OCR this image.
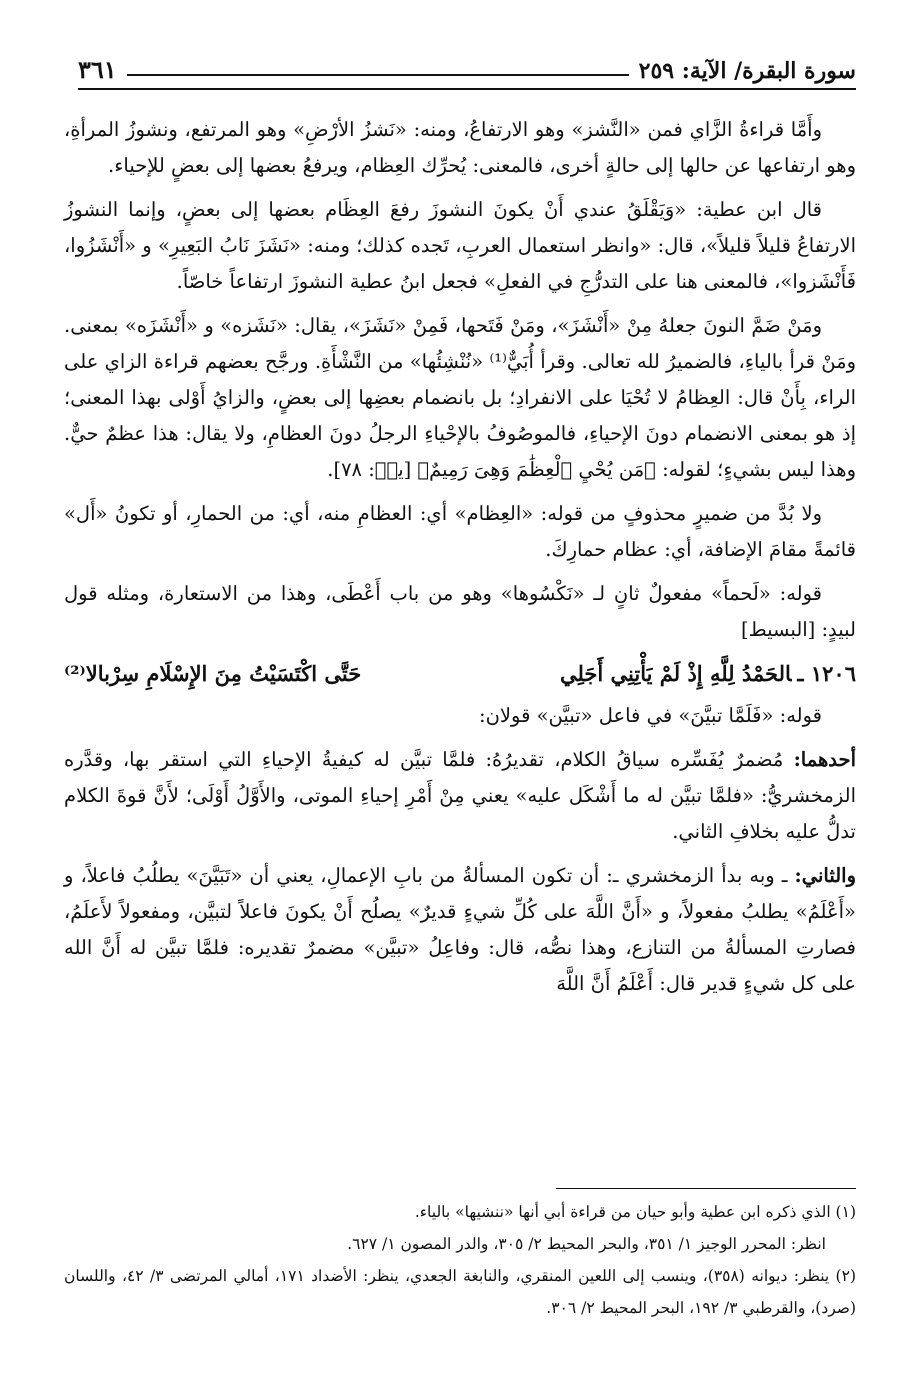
سورة البقرة/ الآية: ٢٥٩
٣٦١

وأَمَّا قراءةُ الزَّاي فمن «النَّشز» وهو الارتفاعُ، ومنه: «نَشزُ الأرْضِ» وهو المرتفع، ونشوزُ المرأةِ، وهو ارتفاعها عن حالها إلى حالةٍ أخرى، فالمعنى: يُحرِّك العِظام، ويرفعُ بعضها إلى بعضٍ للإحياء.

قال ابن عطية: «وَيَقْلَقُ عندي أَنْ يكونَ النشوزَ رفعَ العِظَام بعضها إلى بعضٍ، وإنما النشوزُ الارتفاعُ قليلاً قليلاً»، قال: «وانظر استعمال العربِ، تَجده كذلك؛ ومنه: «نَشَزَ نَابُ البَعِيرِ» و «أَنْشَزُوا، فَأَنْشَزوا»، فالمعنى هنا على التدرُّجِ في الفعلِ» فجعل ابنُ عطية النشوزَ ارتفاعاً خاصّاً.

ومَنْ ضَمَّ النونَ جعلهُ مِنْ «أَنْشَزَ»، ومَنْ فَتَحها، فَمِنْ «نَشَزَ»، يقال: «نَشَزه» و «أَنْشَزَه» بمعنى. ومَنْ قرأ بالياءِ، فالضميرُ لله تعالى. وقرأ أُبَيٌّ⁽¹⁾ «نُنْشِئُها» من النَّشْأَةِ. ورجَّح بعضهم قراءة الزاي على الراء، بِأَنْ قال: العِظامُ لا تُحْيَا على الانفرادِ؛ بل بانضمام بعضِها إلى بعضٍ، والزايُ أَوْلى بهذا المعنى؛ إذ هو بمعنى الانضمام دونَ الإحياءِ، فالموصُوفُ بالإحْياءِ الرجلُ دونَ العظامِ، ولا يقال: هذا عظمٌ حيٌّ. وهذا ليس بشيءٍ؛ لقوله: ﴿مَن يُحْيِ ٱلْعِظَٰمَ وَهِىَ رَمِيمٌ﴾ [يسۤ: ٧٨].

ولا بُدَّ من ضميرٍ محذوفٍ من قوله: «العِظام» أي: العظامِ منه، أي: من الحمارِ، أو تكونُ «أَل» قائمةً مقامَ الإضافة، أي: عظام حمارِكَ.

قوله: «لَحماً» مفعولٌ ثانٍ لـ «نَكْسُوها» وهو من باب أَعْطَى، وهذا من الاستعارة، ومثله قول لبيدٍ: [البسيط]

١٢٠٦ ـالحَمْدُ لِلَّهِ إِذْ لَمْ يَأْتِنِي أَجَلِي
حَتَّى اكْتَسَيْتُ مِنَ الإِسْلَامِ سِرْبالا⁽²⁾

قوله: «فَلَمَّا تبيَّنَ» في فاعل «تبيَّن» قولان:

أحدهما: مُضمرٌ يُفَسِّره سياقُ الكلام، تقديرُهُ: فلمَّا تبيَّن له كيفيةُ الإحياءِ التي استقر بها، وقدَّره الزمخشريُّ: «فلمَّا تبيَّن له ما أَشْكَل عليه» يعني مِنْ أَمْرِ إحياءِ الموتى، والأَوَّلُ أَوْلَى؛ لأَنَّ قوةَ الكلام تدلُّ عليه بخلافِ الثاني.

والثاني: ـ وبه بدأ الزمخشري ـ: أن تكون المسألةُ من بابِ الإعمالِ، يعني أن «تَبَيَّنَ» يطلُبُ فاعلاً، و «أَعْلَمُ» يطلبُ مفعولاً، و «أَنَّ اللَّهَ على كُلِّ شيءٍ قديرٌ» يصلُح أَنْ يكونَ فاعلاً لتبيَّن، ومفعولاً لأَعلَمُ، فصارتِ المسألةُ من التنازع، وهذا نصُّه، قال: وفاعِلُ «تبيَّن» مضمرٌ تقديره: فلمَّا تبيَّن له أَنَّ الله على كل شيءٍ قدير قال: أَعْلَمُ أَنَّ اللَّهَ

(١) الذي ذكره ابن عطية وأبو حيان من قراءة أبي أنها «ننشيها» بالياء.

انظر: المحرر الوجيز ١/ ٣٥١، والبحر المحيط ٢/ ٣٠٥، والدر المصون ١/ ٦٢٧.

(٢) ينظر: ديوانه (٣٥٨)، وينسب إلى اللعين المنقري، والنابغة الجعدي، ينظر: الأضداد ١٧١، أمالي المرتضى ٣/ ٤٢، واللسان (صرد)، والقرطبي ٣/ ١٩٢، البحر المحيط ٢/ ٣٠٦.
